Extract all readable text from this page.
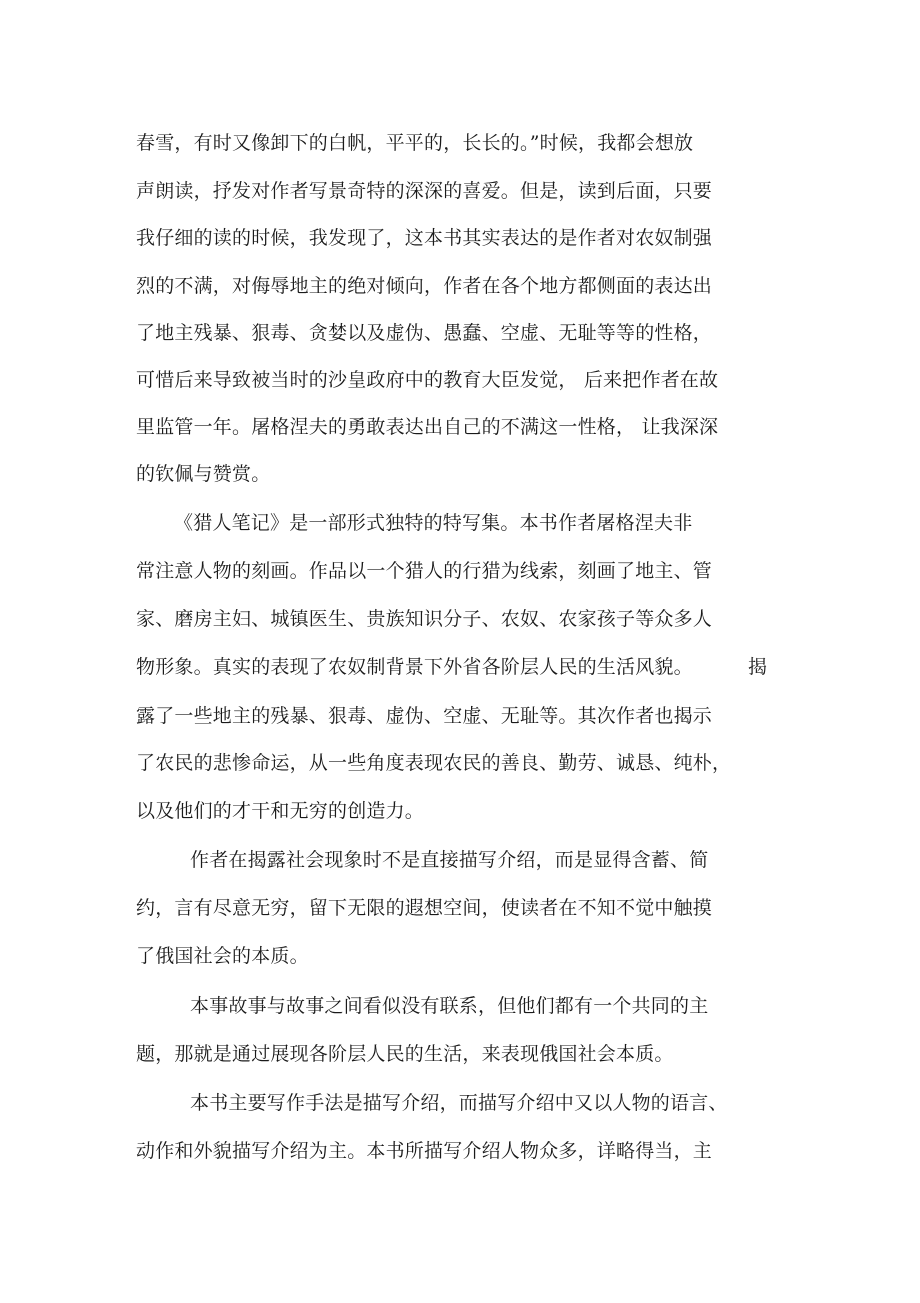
春雪，有时又像卸下的白帆，平平的，长长的。”时候，我都会想放
声朗读，抒发对作者写景奇特的深深的喜爱。但是，读到后面，只要
我仔细的读的时候，我发现了，这本书其实表达的是作者对农奴制强
烈的不满，对侮辱地主的绝对倾向，作者在各个地方都侧面的表达出
了地主残暴、狠毒、贪婪以及虚伪、愚蠢、空虚、无耻等等的性格，
可惜后来导致被当时的沙皇政府中的教育大臣发觉， 后来把作者在故
里监管一年。屠格涅夫的勇敢表达出自己的不满这一性格， 让我深深
的钦佩与赞赏。
《猎人笔记》是一部形式独特的特写集。本书作者屠格涅夫非
常注意人物的刻画。作品以一个猎人的行猎为线索，刻画了地主、管
家、磨房主妇、城镇医生、贵族知识分子、农奴、农家孩子等众多人
物形象。真实的表现了农奴制背景下外省各阶层人民的生活风貌。	揭
露了一些地主的残暴、狠毒、虚伪、空虚、无耻等。其次作者也揭示
了农民的悲惨命运，从一些角度表现农民的善良、勤劳、诚恳、纯朴，
以及他们的才干和无穷的创造力。
作者在揭露社会现象时不是直接描写介绍，而是显得含蓄、简
约，言有尽意无穷，留下无限的遐想空间，使读者在不知不觉中触摸
了俄国社会的本质。
本事故事与故事之间看似没有联系，但他们都有一个共同的主
题，那就是通过展现各阶层人民的生活，来表现俄国社会本质。
本书主要写作手法是描写介绍，而描写介绍中又以人物的语言、
动作和外貌描写介绍为主。本书所描写介绍人物众多，详略得当，主
